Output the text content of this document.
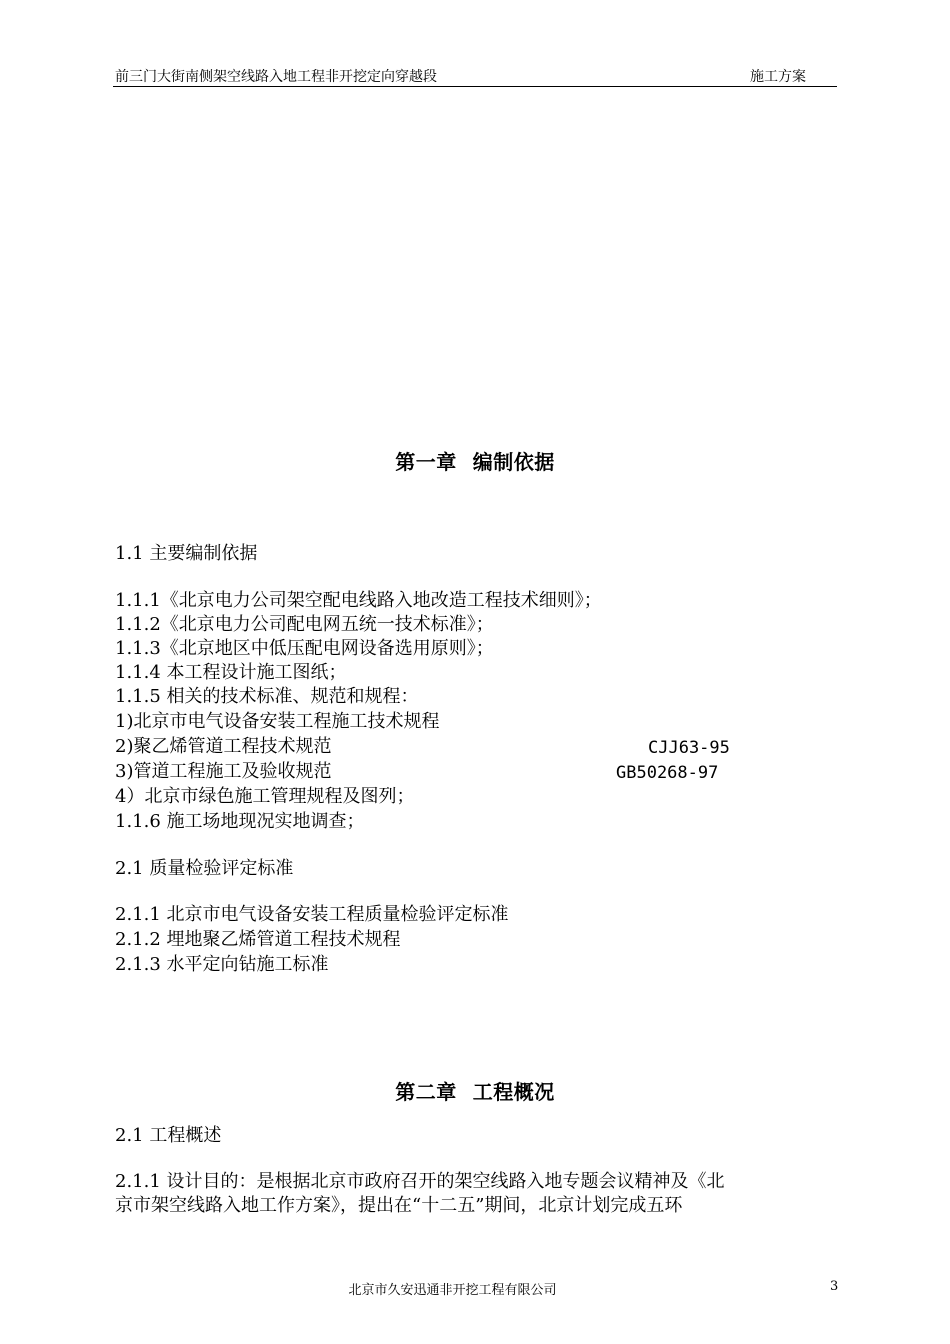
前三门大街南侧架空线路入地工程非开挖定向穿越段	施工方案
第一章 编制依据
1.1 主要编制依据
1.1.1《北京电力公司架空配电线路入地改造工程技术细则》；
1.1.2《北京电力公司配电网五统一技术标准》；
1.1.3《北京地区中低压配电网设备选用原则》；
1.1.4 本工程设计施工图纸；
1.1.5 相关的技术标准、规范和规程：
1)北京市电气设备安装工程施工技术规程
2)聚乙烯管道工程技术规范	CJJ63-95
3)管道工程施工及验收规范	GB50268-97
4）北京市绿色施工管理规程及图列；
1.1.6 施工场地现况实地调查；
2.1 质量检验评定标准
2.1.1 北京市电气设备安装工程质量检验评定标准
2.1.2 埋地聚乙烯管道工程技术规程
2.1.3 水平定向钻施工标准
第二章 工程概况
2.1 工程概述
2.1.1 设计目的：是根据北京市政府召开的架空线路入地专题会议精神及《北
京市架空线路入地工作方案》，提出在“十二五”期间，北京计划完成五环
北京市久安迅通非开挖工程有限公司	3
